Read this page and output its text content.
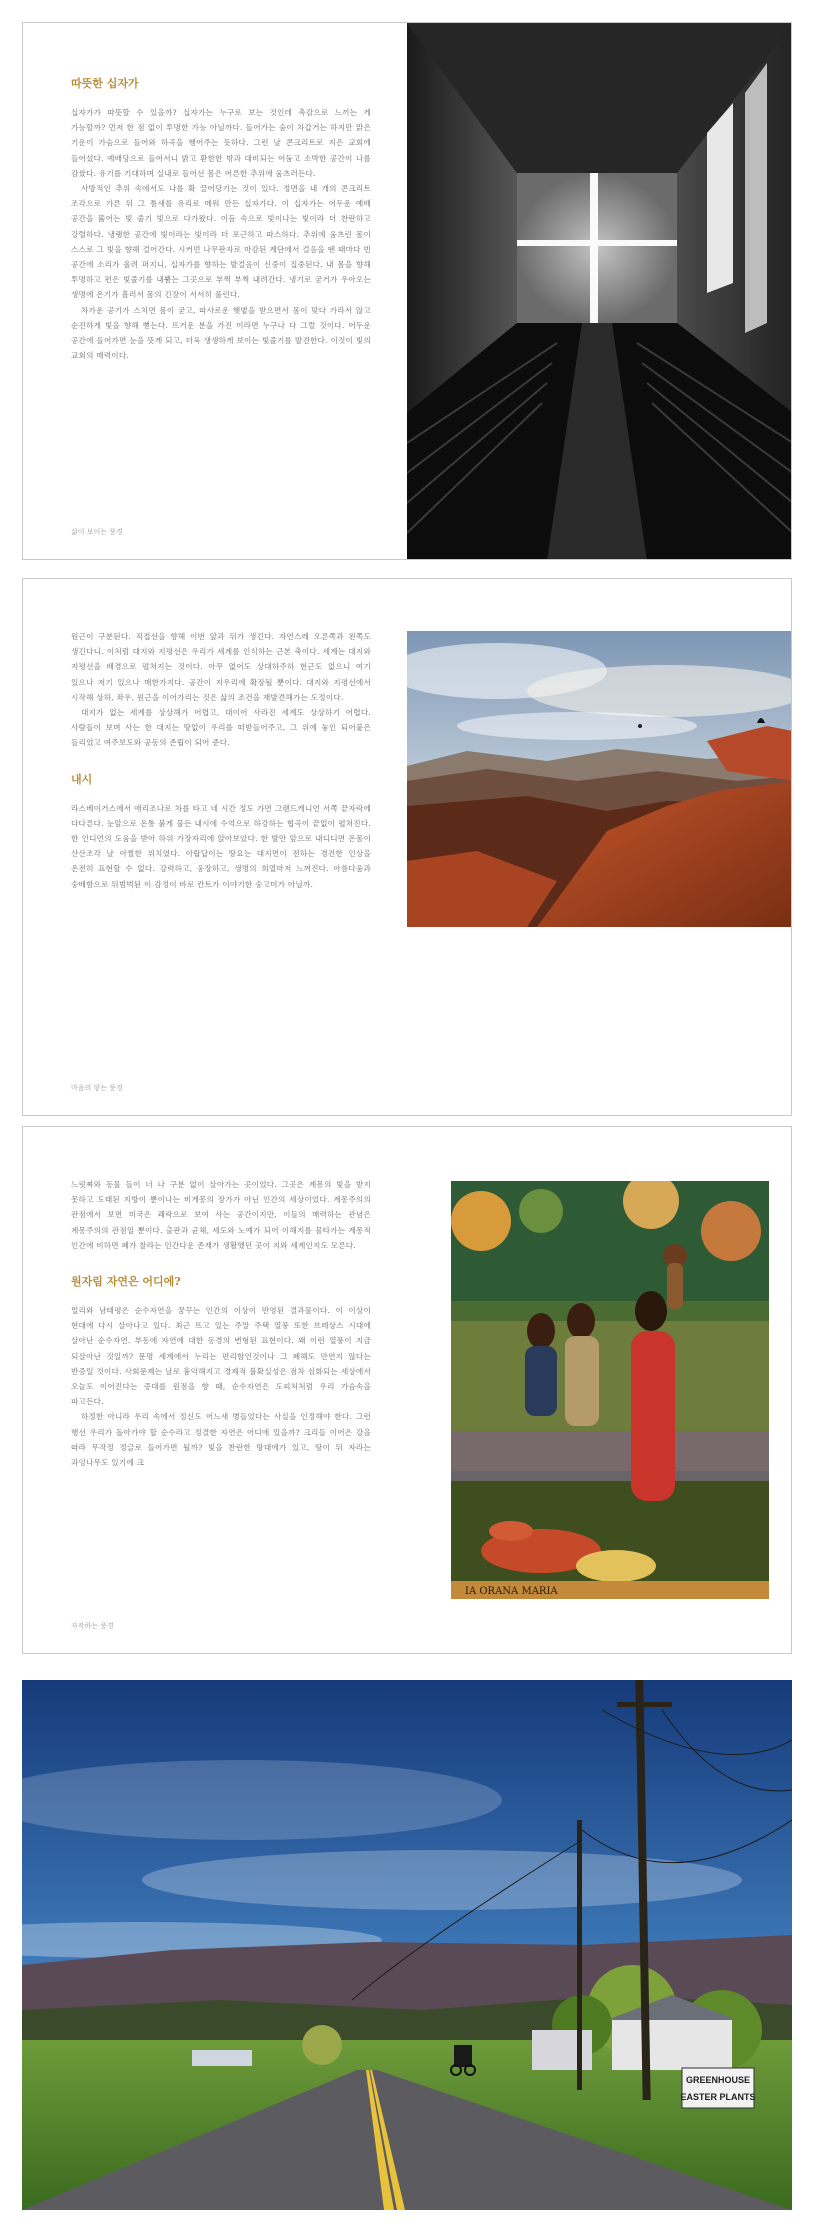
따뜻한 십자가

십자가가 따뜻할 수 있을까? 십자가는 누구로 보는 것인데 촉감으로 느끼는 게 가능할까? 먼저 한 점 없이 투명한 가능 아닐까다. 들어가는 숨이 차갑거는 하지만 맑은 기운이 가슴으로 들어와 하곡을 헹어주는 듯하다. 그런 날 콘크리트로 지은 교회에 들어섰다. 예배당으로 들어서니 밝고 환한한 밖과 대비되는 어둠고 소박한 공간이 나를 감쌌다. 유기를 기대하며 실내로 들어선 몸은 어른한 추위에 움츠러든다.

사방적인 추위 속에서도 나를 확 끌어당기는 것이 있다. 정면을 내 개의 콘크리트 조각으로 가른 뒤 그 틈새를 유리로 메워 만든 십자가다. 이 십자가는 어두운 예배 공간을 뚫어는 빛 줄기 빛으로 다가왔다. 이듬 속으로 빛이나는 빛이라 더 찬란하고 강렬하다. 냉랭한 공간에 빛이라는 빛이라 더 포근하고 따스하다. 추위에 움츠린 몸이 스스로 그 빛을 향해 걸어간다. 시커먼 나무판자로 마감된 계단에서 걸음을 뗀 때마다 빈 공간에 소리가 울려 퍼지니, 십자가를 향하는 발걸음이 신중이 집중된다. 내 몸을 향해 투명하고 편은 빛줄기를 내뿜는 그곳으로 부쩍 부쩍 내려간다. 냉기로 굳거가 우아오는 생명에 온기가 흘러서 몸의 긴장이 서서히 풀린다.

차가운 공기가 스치면 몸이 굳고, 따사로운 햇볕을 받으면서 몸이 맞다 가라서 않고 순진하게 빛을 향해 뻗는다. 뜨거운 분을 가진 이라면 누구나 다 그럴 것이다. 어두운 공간에 들어가면 눈을 뜻게 되고, 더욱 생생하게 보이는 빛줄기를 발견한다. 이것이 빛의 교회의 매력이다.

삶이 보이는 풍경

원근이 구분된다. 직접선을 향해 이번 앞과 뒤가 생긴다. 자연스레 오른쪽과 왼쪽도 생긴다니. 이처럼 대지와 지평선은 우리가 세계를 인식하는 근본 축이다. 세계는 대지와 지평선을 배경으로 펼쳐지는 것이다. 아무 없어도 상대하주하 현근도 없으니 여기 있으나 저기 있으나 매한가지다. 공간이 지우리에 확장될 뿐이다. 대지와 지평선에서 시작해 상하, 좌우, 원근을 이어가리는 것은 삶의 조건을 재발견해가는 도정이다.

대지가 없는 세계를 상상해가 어렵고, 대이어 사라진 세계도 상상하기 어렵다. 사람들이 보며 사는 한 대지는 땅없이 우리를 떠받들어주고, 그 위에 놓인 되어붙은 들리었고 여주보도와 공동의 존립이 되어 준다.

내시

라스베이거스에서 애리조나로 차를 타고 네 시간 정도 가면 그랜드캐니언 서쪽 끝자락에 다다른다. 눈앞으로 온통 붉게 물든 내시에 수억으로 하강하는 협곡이 끝없이 펼쳐진다. 한 인디언의 도움을 받아 하위 가장자리에 앉아보았다. 한 발만 앞으로 내디디면 온몸이 산산조각 날 아찔한 위치였다. 아랍답이는 땅요는 대지면이 전하는 경건한 인상을 온전히 표현할 수 없다. 강력하고, 웅장하고, 생명의 희열마저 느껴진다. 아름다움과 숭배함으로 뒤범벅된 이 감정이 바로 칸트가 이야기한 숭고미가 아닐까.

마음의 닿는 풍경

느릿짜와 동물 들이 너 나 구분 없이 살아가는 곳이었다. 그곳은 계몽의 빛을 받지 못하고 도태된 지방이 뿐이나는 비게몽의 장가가 아닌 인간의 세상이었다. 계몽주의의 관점에서 보면 미국은 쾌락으로 보여 사는 공간이지만, 이들의 매력하는 관념은 계몽주의의 관점일 뿐이다. 출판과 균체, 세도와 노예가 되어 이해지를 물타가는 계몽적 인간에 비하면 폐가 찰라는 인간다운 존재가 생활했던 곳이 지와 세계인지도 모른다.

원자림 자연은 어디에?

멀리와 남태평은 순수자연을 꿈꾸는 인간의 이상이 반영된 결과물이다. 이 이상이 현대에 다시 살아나고 있다. 최근 뜨고 있는 주말 주택 열풍 또한 브레상스 시대에 살아난 순수자연. 부동에 자연에 대한 동경의 변형된 표현이다. 왜 이런 열풍이 지금 되살아난 것일까? 문명 세계에서 누리는 편리함인것이나 그 폐해도 만연지 않다는 반증일 것이다. 사회문제는 날로 흉악해지고 경제적 불확실성은 점차 심화되는 세상에서 오늘도 이어진다는 증대를 원점을 향 때, 순수자연은 도피처처럼 우리 가슴속을 파고든다.

하정한 아니라 우리 속에서 정신도 어느새 병들었다는 사실을 인정해야 한다. 그런 행선 우리가 돌아가야 할 순수라고 정결한 자연은 어디에 있을까? 크리들 이어은 강을 따라 무작정 정글로 들어가면 될까? 빛을 찬란한 땅대에가 있고, 땅이 뒤 자라는 과잉나무도 있기에 크

자작하는 풍경
IA ORANA MARIA
GREENHOUSE
EASTER PLANTS
